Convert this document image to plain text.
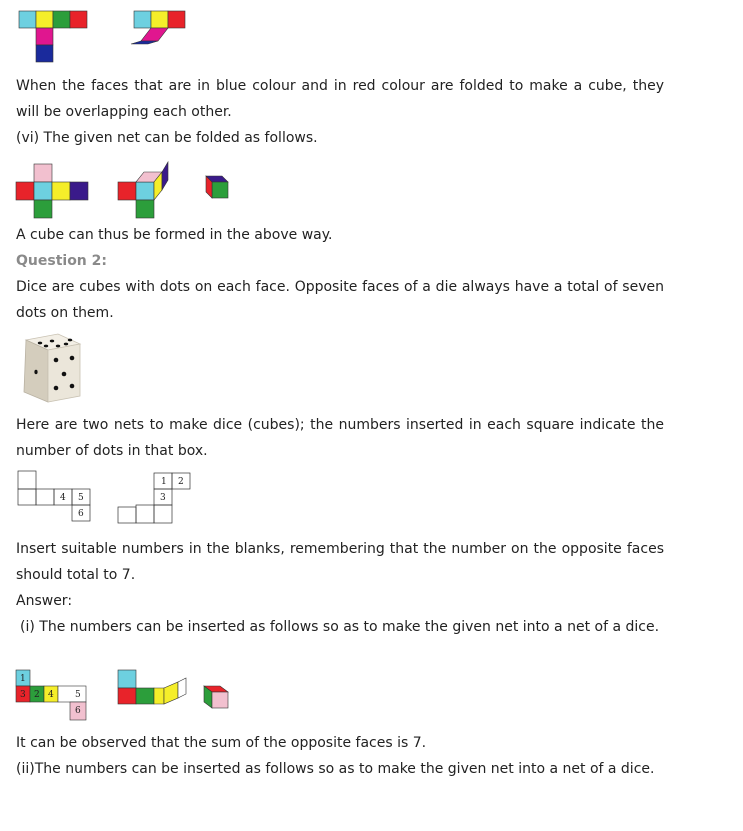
When the faces that are in blue colour and in red colour are folded to make a cube, they will be overlapping each other.
(vi) The given net can be folded as follows.
A cube can thus be formed in the above way.
Question 2:
Dice are cubes with dots on each face. Opposite faces of a die always have a total of seven dots on them.
Here are two nets to make dice (cubes); the numbers inserted in each square indicate the number of dots in that box.
4 5
6
1 2
3
Insert suitable numbers in the blanks, remembering that the number on the opposite faces should total to 7.
Answer:
(i) The numbers can be inserted as follows so as to make the given net into a net of a dice.
1
3 2 4 5
6
It can be observed that the sum of the opposite faces is 7.
(ii)The numbers can be inserted as follows so as to make the given net into a net of a dice.
